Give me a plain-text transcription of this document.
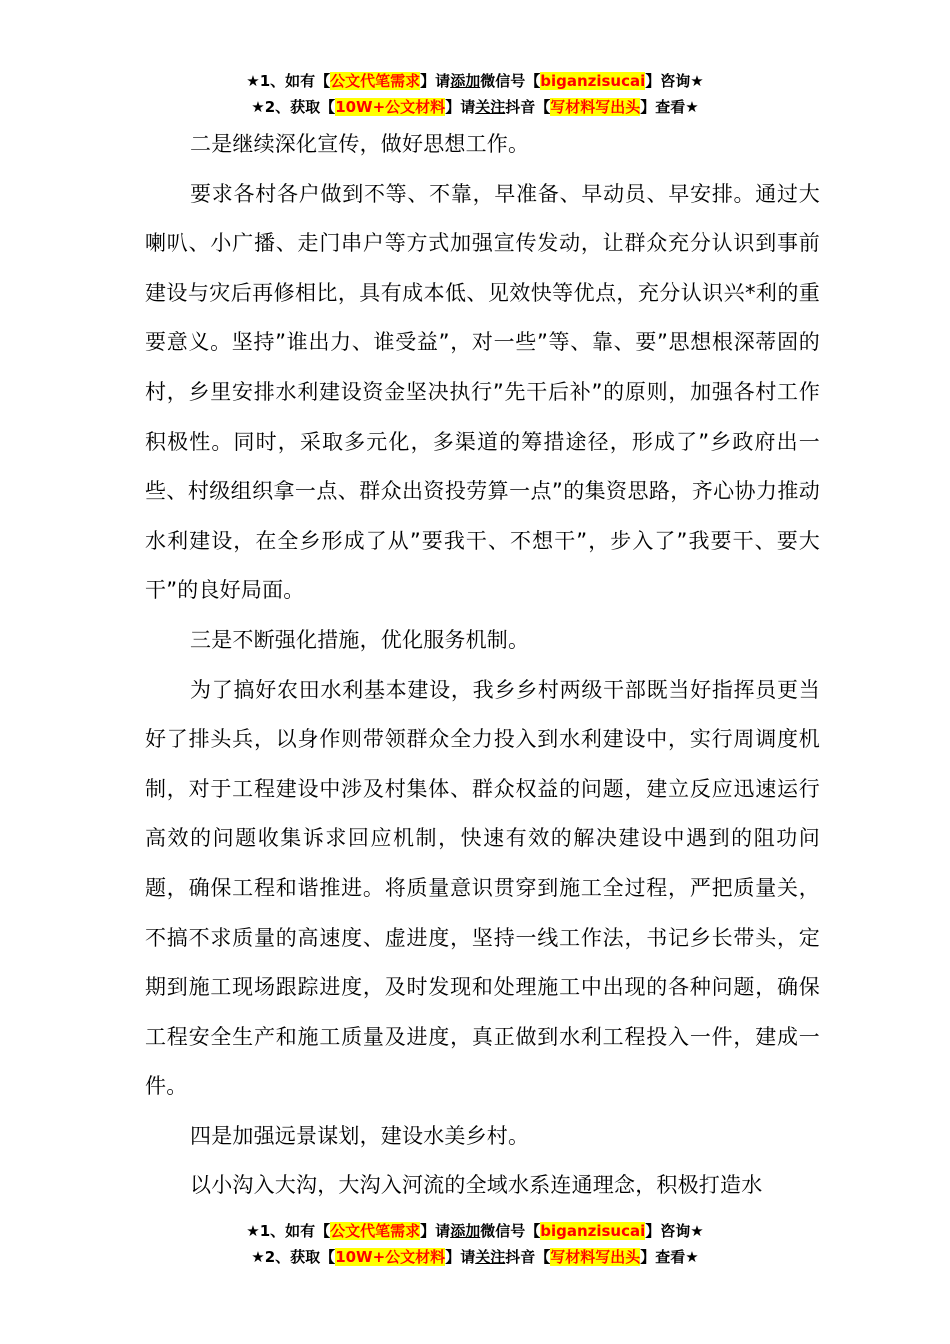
★1、如有【公文代笔需求】请添加微信号【biganzisucai】咨询★
★2、获取【10W+公文材料】请关注抖音【写材料写出头】查看★

二是继续深化宣传，做好思想工作。

要求各村各户做到不等、不靠，早准备、早动员、早安排。通过大喇叭、小广播、走门串户等方式加强宣传发动，让群众充分认识到事前建设与灾后再修相比，具有成本低、见效快等优点，充分认识兴*利的重要意义。坚持”谁出力、谁受益”，对一些”等、靠、要”思想根深蒂固的村，乡里安排水利建设资金坚决执行”先干后补”的原则，加强各村工作积极性。同时，采取多元化，多渠道的筹措途径，形成了”乡政府出一些、村级组织拿一点、群众出资投劳算一点”的集资思路，齐心协力推动水利建设，在全乡形成了从”要我干、不想干”，步入了”我要干、要大干”的良好局面。

三是不断强化措施，优化服务机制。

为了搞好农田水利基本建设，我乡乡村两级干部既当好指挥员更当好了排头兵，以身作则带领群众全力投入到水利建设中，实行周调度机制，对于工程建设中涉及村集体、群众权益的问题，建立反应迅速运行高效的问题收集诉求回应机制，快速有效的解决建设中遇到的阻功问题，确保工程和谐推进。将质量意识贯穿到施工全过程，严把质量关，不搞不求质量的高速度、虚进度，坚持一线工作法，书记乡长带头，定期到施工现场跟踪进度，及时发现和处理施工中出现的各种问题，确保工程安全生产和施工质量及进度，真正做到水利工程投入一件，建成一件。

四是加强远景谋划，建设水美乡村。

以小沟入大沟，大沟入河流的全域水系连通理念，积极打造水

★1、如有【公文代笔需求】请添加微信号【biganzisucai】咨询★
★2、获取【10W+公文材料】请关注抖音【写材料写出头】查看★
